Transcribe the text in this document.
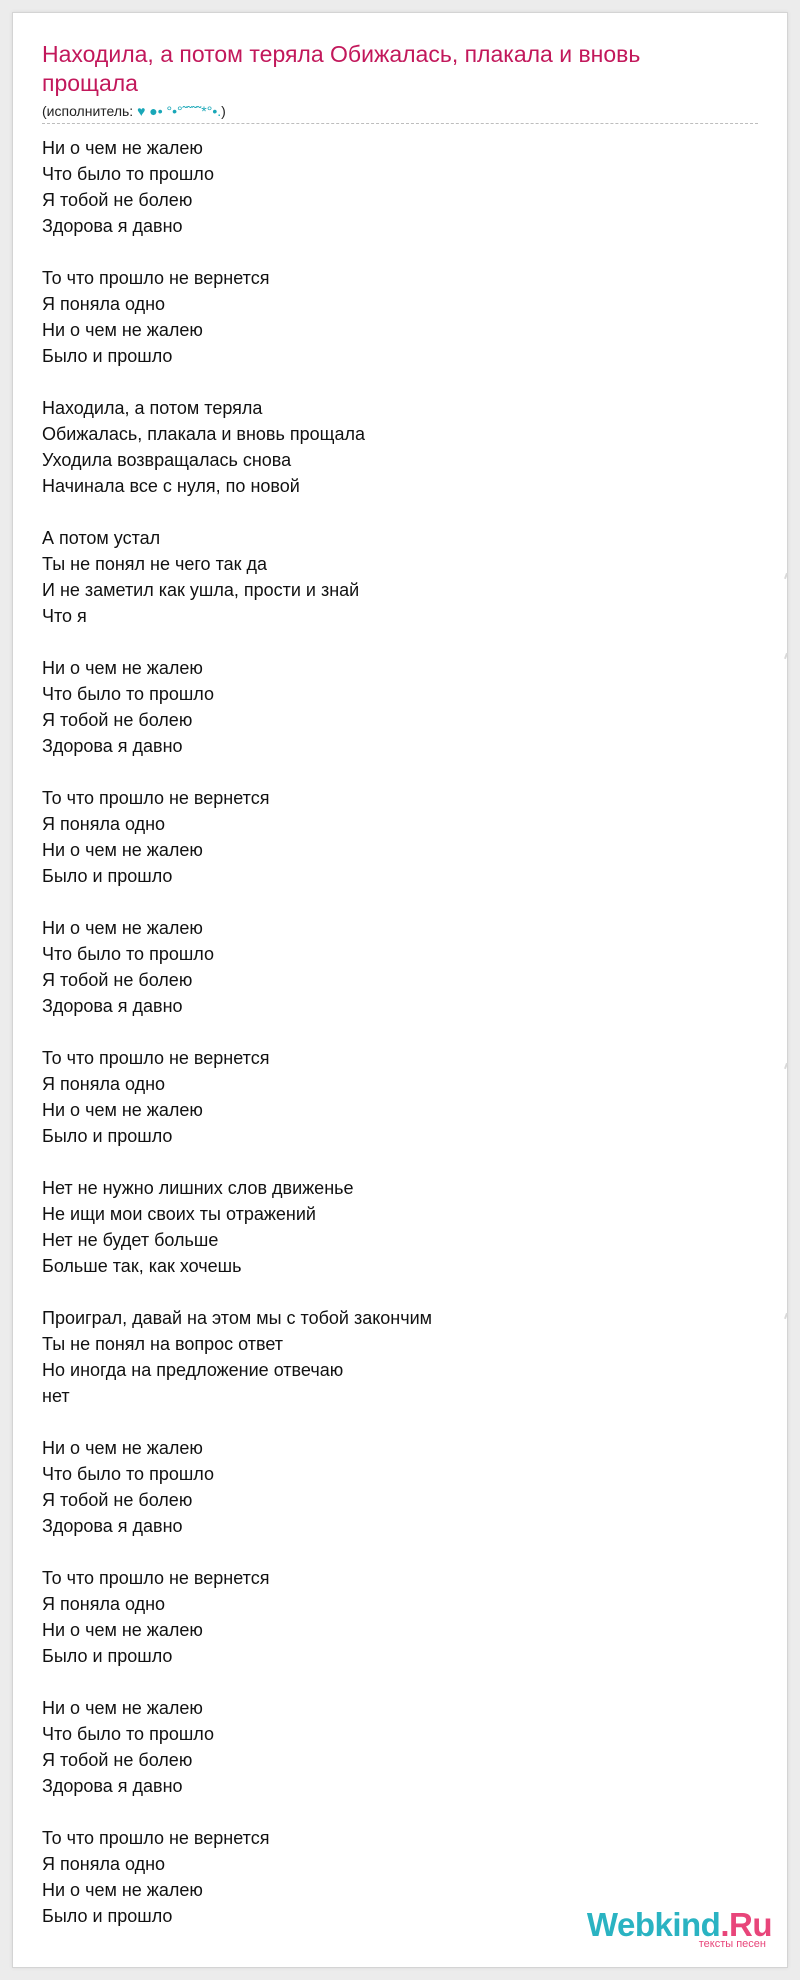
Находила, а потом теряла Обижалась, плакала и вновь прощала
(исполнитель: ♥ ●• °•°˜˜˜˜*°•.)
Ни о чем не жалею
Что было то прошло
Я тобой не болею
Здорова я давно
То что прошло не вернется
Я поняла одно
Ни о чем не жалею
Было и прошло
Находила, а потом теряла
Обижалась, плакала и вновь прощала
Уходила возвращалась снова
Начинала все с нуля, по новой
А потом устал
Ты не понял не чего так да
И не заметил как ушла, прости и знай
Что я
Ни о чем не жалею
Что было то прошло
Я тобой не болею
Здорова я давно
То что прошло не вернется
Я поняла одно
Ни о чем не жалею
Было и прошло
Ни о чем не жалею
Что было то прошло
Я тобой не болею
Здорова я давно
То что прошло не вернется
Я поняла одно
Ни о чем не жалею
Было и прошло
Нет не нужно лишних слов движенье
Не ищи мои своих ты отражений
Нет не будет больше
Больше так, как хочешь
Проиграл, давай на этом мы с тобой закончим
Ты не понял на вопрос ответ
Но иногда на предложение отвечаю
нет
Ни о чем не жалею
Что было то прошло
Я тобой не болею
Здорова я давно
То что прошло не вернется
Я поняла одно
Ни о чем не жалею
Было и прошло
Ни о чем не жалею
Что было то прошло
Я тобой не болею
Здорова я давно
То что прошло не вернется
Я поняла одно
Ни о чем не жалею
Было и прошло	Webkind.Ru
тексты песен
